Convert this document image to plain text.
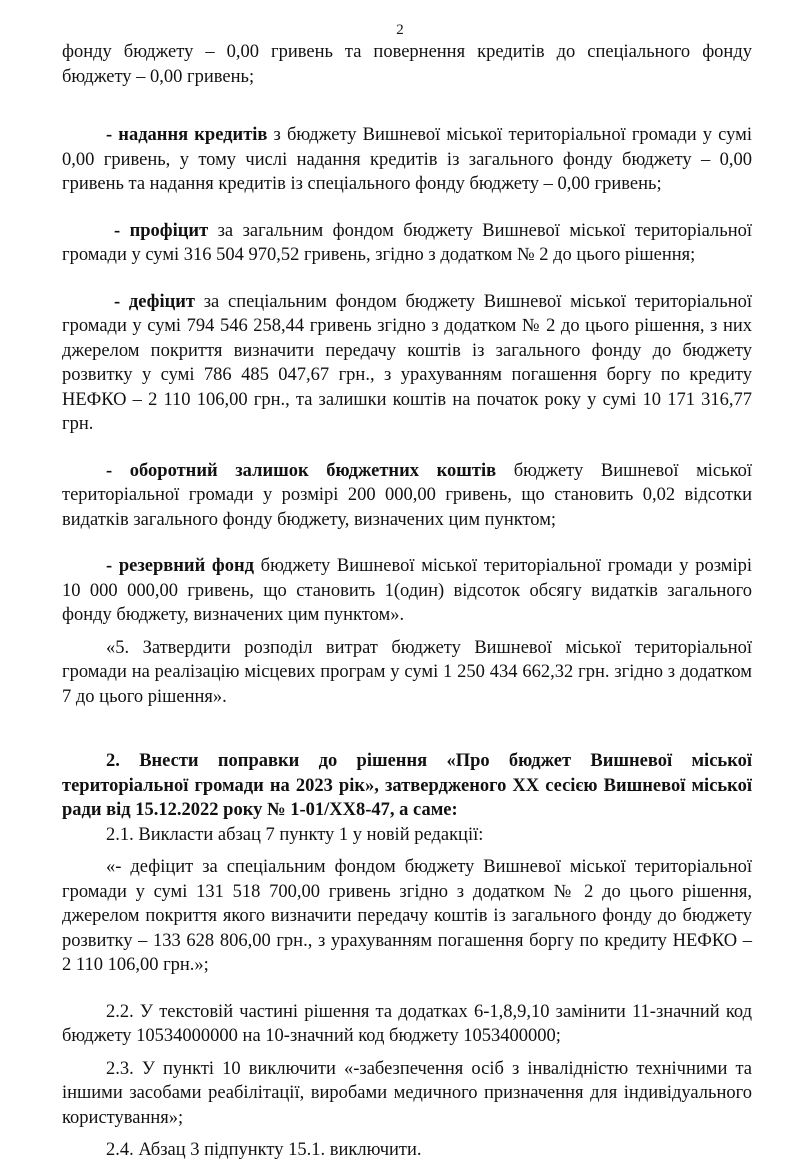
2

фонду бюджету – 0,00 гривень та повернення кредитів до спеціального фонду бюджету – 0,00 гривень;

- надання кредитів з бюджету Вишневої міської територіальної громади у сумі 0,00 гривень, у тому числі надання кредитів із загального фонду бюджету – 0,00 гривень та надання кредитів із спеціального фонду бюджету – 0,00 гривень;

- профіцит за загальним фондом бюджету Вишневої міської територіальної громади у сумі 316 504 970,52 гривень, згідно з додатком № 2 до цього рішення;

- дефіцит за спеціальним фондом бюджету Вишневої міської територіальної громади у сумі 794 546 258,44 гривень згідно з додатком № 2 до цього рішення, з них джерелом покриття визначити передачу коштів із загального фонду до бюджету розвитку у сумі 786 485 047,67 грн., з урахуванням погашення боргу по кредиту НЕФКО – 2 110 106,00 грн., та залишки коштів на початок року у сумі 10 171 316,77 грн.

- оборотний залишок бюджетних коштів бюджету Вишневої міської територіальної громади у розмірі 200 000,00 гривень, що становить 0,02 відсотки видатків загального фонду бюджету, визначених цим пунктом;

- резервний фонд бюджету Вишневої міської територіальної громади у розмірі 10 000 000,00 гривень, що становить 1(один) відсоток обсягу видатків загального фонду бюджету, визначених цим пунктом».

«5. Затвердити розподіл витрат бюджету Вишневої міської територіальної громади на реалізацію місцевих програм у сумі 1 250 434 662,32 грн. згідно з додатком 7 до цього рішення».

2. Внести поправки до рішення «Про бюджет Вишневої міської територіальної громади на 2023 рік», затвердженого ХХ сесією Вишневої міської ради від 15.12.2022 року № 1-01/ХХ8-47, а саме:

2.1. Викласти абзац 7 пункту 1 у новій редакції:

«- дефіцит за спеціальним фондом бюджету Вишневої міської територіальної громади у сумі 131 518 700,00 гривень згідно з додатком № 2 до цього рішення, джерелом покриття якого визначити передачу коштів із загального фонду до бюджету розвитку – 133 628 806,00 грн., з урахуванням погашення боргу по кредиту НЕФКО – 2 110 106,00 грн.»;

2.2. У текстовій частині рішення та додатках 6-1,8,9,10 замінити 11-значний код бюджету 10534000000 на 10-значний код бюджету 1053400000;

2.3. У пункті 10 виключити «-забезпечення осіб з інвалідністю технічними та іншими засобами реабілітації, виробами медичного призначення для індивідуального користування»;

2.4. Абзац 3 підпункту 15.1. виключити.
